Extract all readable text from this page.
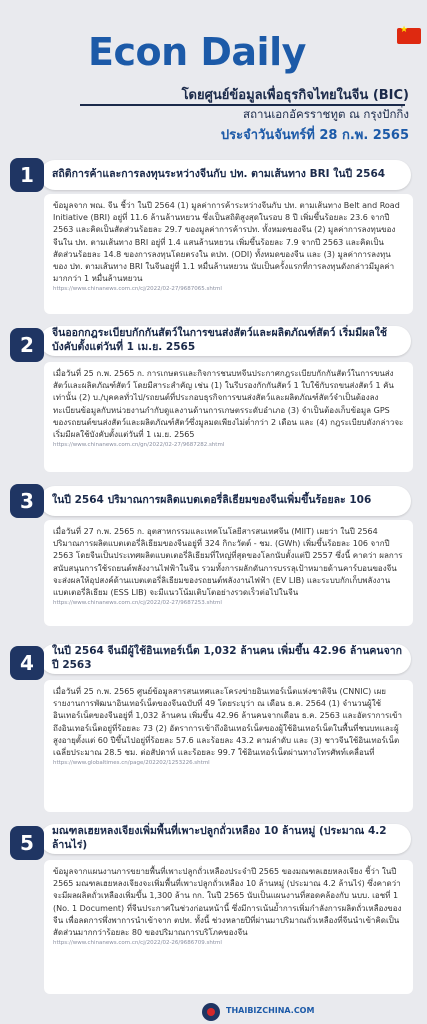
★
Econ Daily
โดยศูนย์ข้อมูลเพื่อธุรกิจไทยในจีน (BIC)
สถานเอกอัครราชทูต ณ กรุงปักกิ่ง
ประจำวันจันทร์ที่ 28 ก.พ. 2565
1	สถิติการค้าและการลงทุนระหว่างจีนกับ ปท. ตามเส้นทาง BRI ในปี 2564
ข้อมูลจาก พณ. จีน ชี้ว่า ในปี 2564 (1) มูลค่าการค้าระหว่างจีนกับ ปท. ตามเส้นทาง Belt and Road Initiative (BRI) อยู่ที่ 11.6 ล้านล้านหยวน ซึ่งเป็นสถิติสูงสุดในรอบ 8 ปี เพิ่มขึ้นร้อยละ 23.6 จากปี 2563 และคิดเป็นสัดส่วนร้อยละ 29.7 ของมูลค่าการค้ารปท. ทั้งหมดของจีน (2) มูลค่าการลงทุนของจีนใน ปท. ตามเส้นทาง BRI อยู่ที่ 1.4 แสนล้านหยวน เพิ่มขึ้นร้อยละ 7.9 จากปี 2563 และคิดเป็นสัดส่วนร้อยละ 14.8 ของการลงทุนโดยตรงใน ตปท. (ODI) ทั้งหมดของจีน และ (3) มูลค่าการลงทุนของ ปท. ตามเส้นทาง BRI ในจีนอยู่ที่ 1.1 หมื่นล้านหยวน นับเป็นครั้งแรกที่การลงทุนดังกล่าวมีมูลค่ามากกว่า 1 หมื่นล้านหยวน
https://www.chinanews.com.cn/cj/2022/02-27/9687065.shtml
2	จีนออกกฎระเบียบกักกันสัตว์ในการขนส่งสัตว์และผลิตภัณฑ์สัตว์ เริ่มมีผลใช้บังคับตั้งแต่วันที่ 1 เม.ย. 2565
เมื่อวันที่ 25 ก.พ. 2565 ก. การเกษตรและกิจการชนบทจีนประกาศกฎระเบียบกักกันสัตว์ในการขนส่งสัตว์และผลิตภัณฑ์สัตว์ โดยมีสาระสำคัญ เช่น (1) ในรีบรองกักกันสัตว์ 1 ใบใช้กับรถขนส่งสัตว์ 1 คันเท่านั้น (2) บ./บุคคลทั่วไป/รถยนต์ที่ประกอบธุรกิจการขนส่งสัตว์และผลิตภัณฑ์สัตว์จำเป็นต้องลงทะเบียนข้อมูลกับหน่วยงานกำกับดูแลงานด้านการเกษตรระดับอำเภอ (3) จำเป็นต้องเก็บข้อมูล GPS ของรถยนต์ขนส่งสัตว์และผลิตภัณฑ์สัตว์ซึ่งมูลมดเพียงไม่ต่ำกว่า 2 เดือน และ (4) กฎระเบียบดังกล่าวจะเริ่มมีผลใช้บังคับตั้งแต่วันที่ 1 เม.ย. 2565
https://www.chinanews.com.cn/gn/2022/02-27/9687282.shtml
3	ในปี 2564 ปริมาณการผลิตแบตเตอรี่ลิเธียมของจีนเพิ่มขึ้นร้อยละ 106
เมื่อวันที่ 27 ก.พ. 2565 ก. อุตสาหกรรมและเทคโนโลยีสารสนเทศจีน (MIIT) เผยว่า ในปี 2564 ปริมาณการผลิตแบตเตอรี่ลิเธียมของจีนอยู่ที่ 324 กิกะวัตต์ - ชม. (GWh) เพิ่มขึ้นร้อยละ 106 จากปี 2563 โดยจีนเป็นประเทศผลิตแบตเตอรี่ลิเธียมที่ใหญ่ที่สุดของโลกนับตั้งแต่ปี 2557 ซึ่งนี้ คาดว่า ผลการ สนับสนุนการใช้รถยนต์พลังงานไฟฟ้าในจีน รวมทั้งการผลักดันการบรรลุเป้าหมายด้านคาร์บอนของจีนจะส่งผลให้อุปสงค์ด้านแบตเตอรี่ลิเธียมของรถยนต์พลังงานไฟฟ้า (EV LIB) และระบบกักเก็บพลังงานแบตเตอรี่ลิเธียม (ESS LIB) จะมีแนวโน้มเติบโตอย่างรวดเร็วต่อไปในจีน
https://www.chinanews.com.cn/cj/2022/02-27/9687253.shtml
4	ในปี 2564 จีนมีผู้ใช้อินเทอร์เน็ต 1,032 ล้านคน เพิ่มขึ้น 42.96 ล้านคนจากปี 2563
เมื่อวันที่ 25 ก.พ. 2565 ศูนย์ข้อมูลสารสนเทศและโครงข่ายอินเทอร์เน็ตแห่งชาติจีน (CNNIC) เผยรายงานการพัฒนาอินเทอร์เน็ตของจีนฉบับที่ 49 โดยระบุว่า ณ เดือน ธ.ค. 2564 (1) จำนวนผู้ใช้อินเทอร์เน็ตของจีนอยู่ที่ 1,032 ล้านคน เพิ่มขึ้น 42.96 ล้านคนจากเดือน ธ.ค. 2563 และอัตราการเข้าถึงอินเทอร์เน็ตอยู่ที่ร้อยละ 73 (2) อัตราการเข้าถึงอินเทอร์เน็ตของผู้ใช้อินเทอร์เน็ตในพื้นที่ชนบทและผู้สูงอายุตั้งแต่ 60 ปีขึ้นไปอยู่ที่ร้อยละ 57.6 และร้อยละ 43.2 ตามลำดับ และ (3) ชาวจีนใช้อินเทอร์เน็ตเฉลี่ยประมาณ 28.5 ชม. ต่อสัปดาห์ และร้อยละ 99.7 ใช้อินเทอร์เน็ตผ่านทางโทรศัพท์เคลื่อนที่
https://www.globaltimes.cn/page/202202/1253226.shtml
5	มณฑลเฮยหลงเจียงเพิ่มพื้นที่เพาะปลูกถั่วเหลือง 10 ล้านหมู่ (ประมาณ 4.2 ล้านไร่)
ข้อมูลจากแผนงานการขยายพื้นที่เพาะปลูกถั่วเหลืองประจำปี 2565 ของมณฑลเฮยหลงเจียง ชี้ว่า ในปี 2565 มณฑลเฮยหลงเจียงจะเพิ่มพื้นที่เพาะปลูกถั่วเหลือง 10 ล้านหมู่ (ประมาณ 4.2 ล้านไร่) ซึ่งคาดว่าจะมีผลผลิตถั่วเหลืองเพิ่มขึ้น 1,300 ล้าน กก. ในปี 2565 นับเป็นแผนงานที่สอดคล้องกับ นบบ. เอชที่ 1 (No. 1 Document) ที่จีนประกาศในช่วงก่อนหน้านี้ ซึ่งมีการเน้นย้ำการเพิ่มกำลังการผลิตถั่วเหลืองของจีน เพื่อลดการพึ่งพาการนำเข้าจาก ตปท. ทั้งนี้ ช่วงหลายปีที่ผ่านมาปริมาณถั่วเหลืองที่จีนนำเข้าคิดเป็นสัดส่วนมากกว่าร้อยละ 80 ของปริมาณการบริโภคของจีน
https://www.chinanews.com.cn/cj/2022/02-26/9686709.shtml
THAIBIZCHINA.COM
